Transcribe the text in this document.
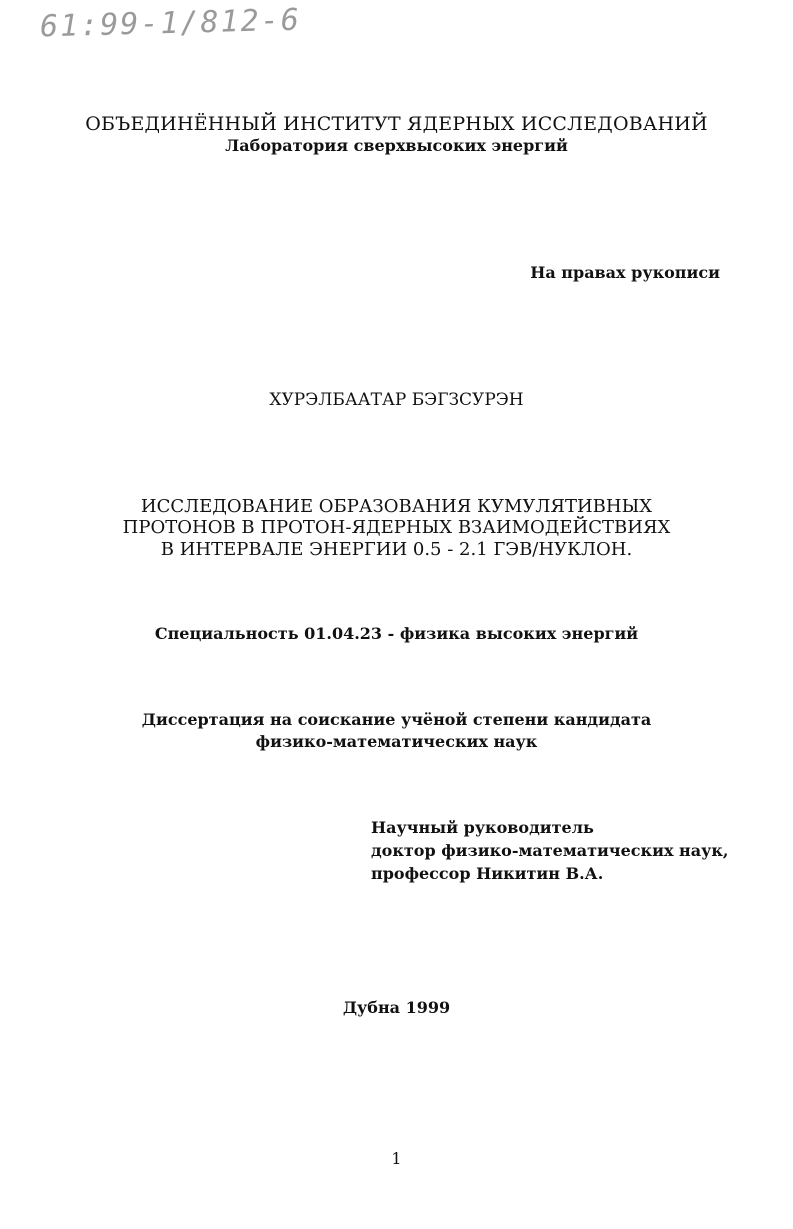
61:99-1/812-6
ОБЪЕДИНЁННЫЙ ИНСТИТУТ ЯДЕРНЫХ ИССЛЕДОВАНИЙ
Лаборатория сверхвысоких энергий
На правах рукописи
ХУРЭЛБААТАР БЭГЗСУРЭН
ИССЛЕДОВАНИЕ ОБРАЗОВАНИЯ КУМУЛЯТИВНЫХ
ПРОТОНОВ В ПРОТОН-ЯДЕРНЫХ ВЗАИМОДЕЙСТВИЯХ
В ИНТЕРВАЛЕ ЭНЕРГИИ 0.5 - 2.1 ГЭВ/НУКЛОН.
Специальность 01.04.23 - физика высоких энергий
Диссертация на соискание учёной степени кандидата
физико-математических наук
Научный руководитель
доктор физико-математических наук,
профессор Никитин В.А.
Дубна 1999
1
